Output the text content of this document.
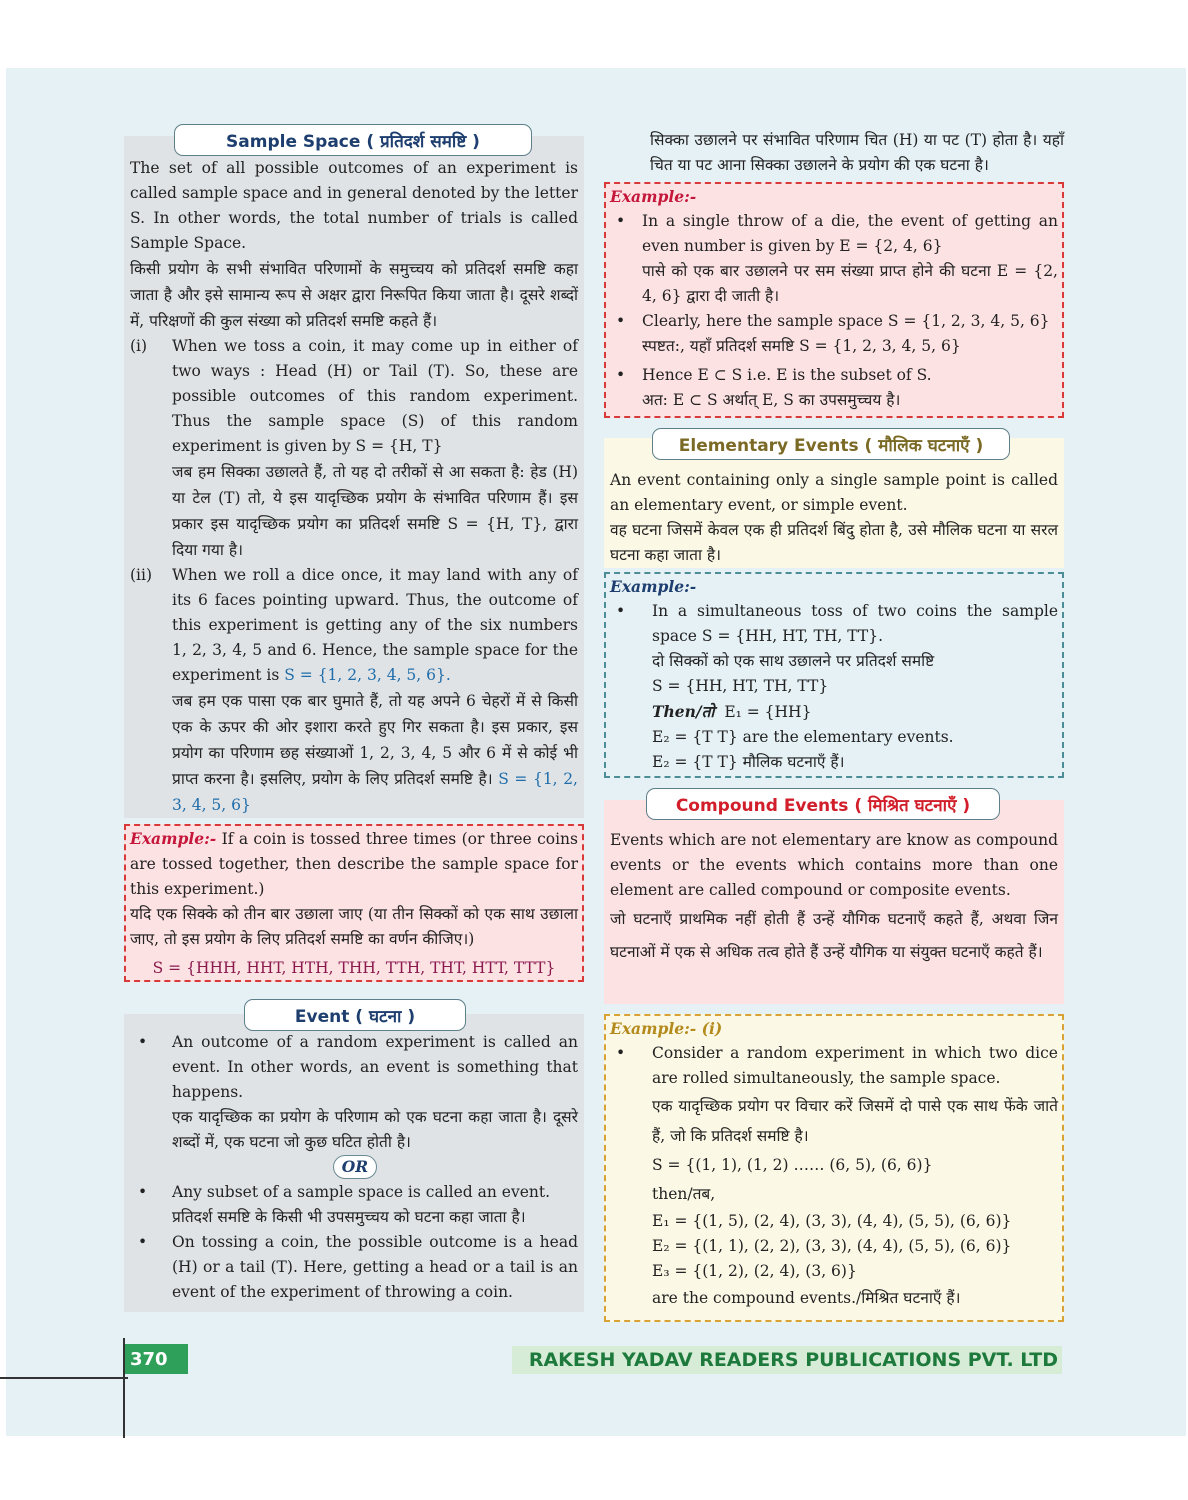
The set of all possible outcomes of an experiment is called sample space and in general denoted by the letter S. In other words, the total number of trials is called Sample Space.

किसी प्रयोग के सभी संभावित परिणामों के समुच्चय को प्रतिदर्श समष्टि कहा जाता है और इसे सामान्य रूप से अक्षर द्वारा निरूपित किया जाता है। दूसरे शब्दों में, परिक्षणों की कुल संख्या को प्रतिदर्श समष्टि कहते हैं।

(i) When we toss a coin, it may come up in either of two ways : Head (H) or Tail (T). So, these are possible outcomes of this random experiment. Thus the sample space (S) of this random experiment is given by S = {H, T}

जब हम सिक्का उछालते हैं, तो यह दो तरीकों से आ सकता है: हेड (H) या टेल (T) तो, ये इस यादृच्छिक प्रयोग के संभावित परिणाम हैं। इस प्रकार इस यादृच्छिक प्रयोग का प्रतिदर्श समष्टि S = {H, T}, द्वारा दिया गया है।

(ii) When we roll a dice once, it may land with any of its 6 faces pointing upward. Thus, the outcome of this experiment is getting any of the six numbers 1, 2, 3, 4, 5 and 6. Hence, the sample space for the experiment is S = {1, 2, 3, 4, 5, 6}.

जब हम एक पासा एक बार घुमाते हैं, तो यह अपने 6 चेहरों में से किसी एक के ऊपर की ओर इशारा करते हुए गिर सकता है। इस प्रकार, इस प्रयोग का परिणाम छह संख्याओं 1, 2, 3, 4, 5 और 6 में से कोई भी प्राप्त करना है। इसलिए, प्रयोग के लिए प्रतिदर्श समष्टि है। S = {1, 2, 3, 4, 5, 6}

Sample Space ( प्रतिदर्श समष्टि )

Example:- If a coin is tossed three times (or three coins are tossed together, then describe the sample space for this experiment.)

यदि एक सिक्के को तीन बार उछाला जाए (या तीन सिक्कों को एक साथ उछाला जाए, तो इस प्रयोग के लिए प्रतिदर्श समष्टि का वर्णन कीजिए।)

S = {HHH, HHT, HTH, THH, TTH, THT, HTT, TTT}

• An outcome of a random experiment is called an event. In other words, an event is something that happens.

एक यादृच्छिक का प्रयोग के परिणाम को एक घटना कहा जाता है। दूसरे शब्दों में, एक घटना जो कुछ घटित होती है।

OR

• Any subset of a sample space is called an event.

प्रतिदर्श समष्टि के किसी भी उपसमुच्चय को घटना कहा जाता है।

• On tossing a coin, the possible outcome is a head (H) or a tail (T). Here, getting a head or a tail is an event of the experiment of throwing a coin.

Event ( घटना )

सिक्का उछालने पर संभावित परिणाम चित (H) या पट (T) होता है। यहाँ चित या पट आना सिक्का उछालने के प्रयोग की एक घटना है।

Example:-

• In a single throw of a die, the event of getting an even number is given by E = {2, 4, 6}

पासे को एक बार उछालने पर सम संख्या प्राप्त होने की घटना E = {2, 4, 6} द्वारा दी जाती है।

• Clearly, here the sample space S = {1, 2, 3, 4, 5, 6}

स्पष्टत:, यहाँ प्रतिदर्श समष्टि S = {1, 2, 3, 4, 5, 6}

• Hence E ⊂ S i.e. E is the subset of S.

अत: E ⊂ S अर्थात् E, S का उपसमुच्चय है।

An event containing only a single sample point is called an elementary event, or simple event.

वह घटना जिसमें केवल एक ही प्रतिदर्श बिंदु होता है, उसे मौलिक घटना या सरल घटना कहा जाता है।

Elementary Events ( मौलिक घटनाएँ )

Example:-

• In a simultaneous toss of two coins the sample space S = {HH, HT, TH, TT}.

दो सिक्कों को एक साथ उछालने पर प्रतिदर्श समष्टि

S = {HH, HT, TH, TT}

Then/तो E₁ = {HH}

E₂ = {T T} are the elementary events.

E₂ = {T T} मौलिक घटनाएँ हैं।

Events which are not elementary are know as compound events or the events which contains more than one element are called compound or composite events.

जो घटनाएँ प्राथमिक नहीं होती हैं उन्हें यौगिक घटनाएँ कहते हैं, अथवा जिन घटनाओं में एक से अधिक तत्व होते हैं उन्हें यौगिक या संयुक्त घटनाएँ कहते हैं।

Compound Events ( मिश्रित घटनाएँ )

Example:- (i)

• Consider a random experiment in which two dice are rolled simultaneously, the sample space.

एक यादृच्छिक प्रयोग पर विचार करें जिसमें दो पासे एक साथ फेंके जाते हैं, जो कि प्रतिदर्श समष्टि है।

S = {(1, 1), (1, 2) …… (6, 5), (6, 6)}

then/तब,

E₁ = {(1, 5), (2, 4), (3, 3), (4, 4), (5, 5), (6, 6)}

E₂ = {(1, 1), (2, 2), (3, 3), (4, 4), (5, 5), (6, 6)}

E₃ = {(1, 2), (2, 4), (3, 6)}

are the compound events./मिश्रित घटनाएँ हैं।

370	RAKESH YADAV READERS PUBLICATIONS PVT. LTD
